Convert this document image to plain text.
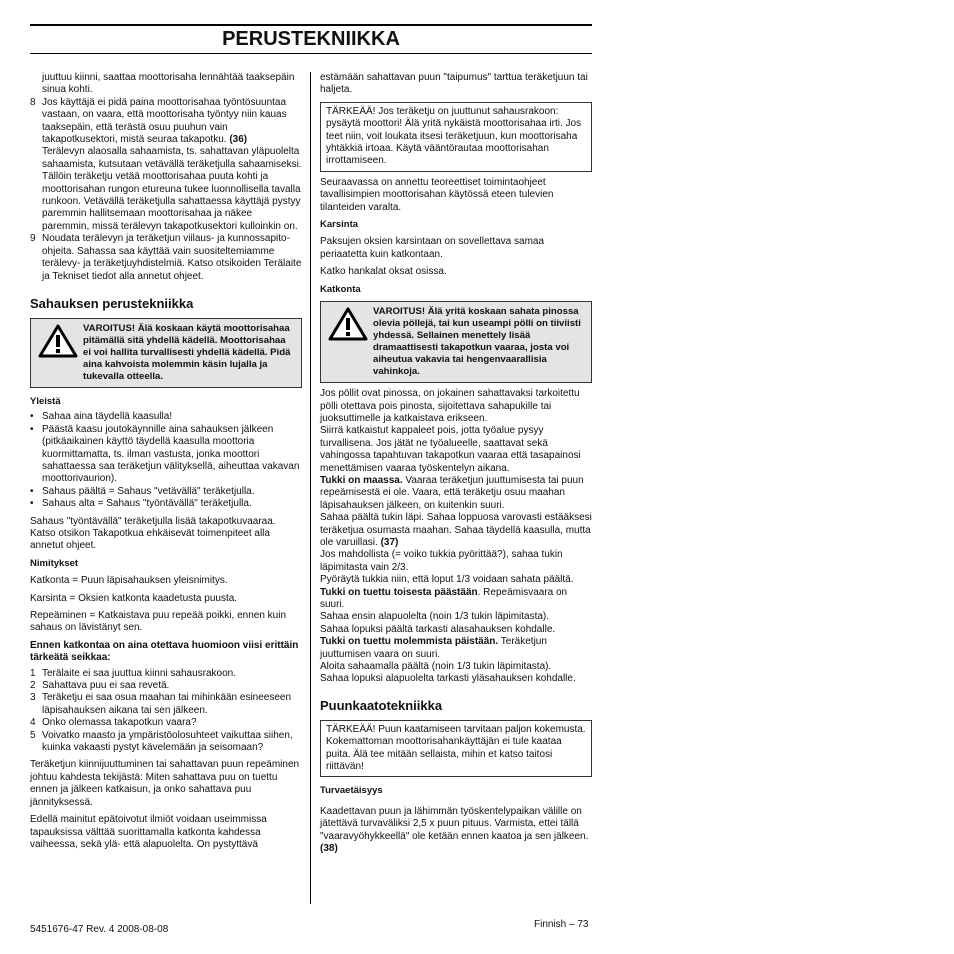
PERUSTEKNIIKKA

juuttuu kiinni, saattaa moottorisaha lennähtää taaksepäin sinua kohti.

8 Jos käyttäjä ei pidä paina moottorisahaa työntösuuntaa vastaan, on vaara, että moottorisaha työntyy niin kauas taaksepäin, että terästä osuu puuhun vain takapotkusektori, mistä seuraa takapotku. (36)

Terälevyn alaosalla sahaamista, ts. sahattavan yläpuolelta sahaamista, kutsutaan vetävällä teräketjulla sahaamiseksi. Tällöin teräketju vetää moottorisahaa puuta kohti ja moottorisahan rungon etureuna tukee luonnollisella tavalla runkoon. Vetävällä teräketjulla sahattaessa käyttäjä pystyy paremmin hallitsemaan moottorisahaa ja näkee paremmin, missä terälevyn takapotkusektori kulloinkin on.

9 Noudata terälevyn ja teräketjun viilaus- ja kunnossapito-ohjeita. Sahassa saa käyttää vain suositeltemiamme terälevy- ja teräketjuyhdistelmiä. Katso otsikoiden Terälaite ja Tekniset tiedot alla annetut ohjeet.
Sahauksen perustekniikka
VAROITUS! Älä koskaan käytä moottorisahaa pitämällä sitä yhdellä kädellä. Moottorisahaa ei voi hallita turvallisesti yhdellä kädellä. Pidä aina kahvoista molemmin käsin lujalla ja tukevalla otteella.

Yleistä

• Sahaa aina täydellä kaasulla!
• Päästä kaasu joutokäynnille aina sahauksen jälkeen (pitkäaikainen käyttö täydellä kaasulla moottoria kuormittamatta, ts. ilman vastusta, jonka moottori sahattaessa saa teräketjun välityksellä, aiheuttaa vakavan moottorivaurion).
• Sahaus päältä = Sahaus "vetävällä" teräketjulla.
• Sahaus alta = Sahaus "työntävällä" teräketjulla.

Sahaus "työntävällä" teräketjulla lisää takapotkuvaaraa. Katso otsikon Takapotkua ehkäisevät toimenpiteet alla annetut ohjeet.

Nimitykset

Katkonta = Puun läpisahauksen yleisnimitys.

Karsinta = Oksien katkonta kaadetusta puusta.

Repeäminen = Katkaistava puu repeää poikki, ennen kuin sahaus on lävistänyt sen.

Ennen katkontaa on aina otettava huomioon viisi erittäin tärkeätä seikkaa:

1 Terälaite ei saa juuttua kiinni sahausrakoon.
2 Sahattava puu ei saa revetä.
3 Teräketju ei saa osua maahan tai mihinkään esineeseen läpisahauksen aikana tai sen jälkeen.
4 Onko olemassa takapotkun vaara?
5 Voivatko maasto ja ympäristöolosuhteet vaikuttaa siihen, kuinka vakaasti pystyt kävelemään ja seisomaan?

Teräketjun kiinnijuuttuminen tai sahattavan puun repeäminen johtuu kahdesta tekijästä: Miten sahattava puu on tuettu ennen ja jälkeen katkaisun, ja onko sahattava puu jännityksessä.

Edellä mainitut epätoivotut ilmiöt voidaan useimmissa tapauksissa välttää suorittamalla katkonta kahdessa vaiheessa, sekä ylä- että alapuolelta. On pystyttävä

estämään sahattavan puun "taipumus" tarttua teräketjuun tai haljeta.

TÄRKEÄÄ! Jos teräketju on juuttunut sahausrakoon: pysäytä moottori! Älä yritä nykäistä moottorisahaa irti. Jos teet niin, voit loukata itsesi teräketjuun, kun moottorisaha yhtäkkiä irtoaa. Käytä vääntörautaa moottorisahan irrottamiseen.

Seuraavassa on annettu teoreettiset toimintaohjeet tavallisimpien moottorisahan käytössä eteen tulevien tilanteiden varalta.

Karsinta

Paksujen oksien karsintaan on sovellettava samaa periaatetta kuin katkontaan.

Katko hankalat oksat osissa.

Katkonta

VAROITUS! Älä yritä koskaan sahata pinossa olevia pöllejä, tai kun useampi pölli on tiiviisti yhdessä. Sellainen menettely lisää dramaattisesti takapotkun vaaraa, josta voi aiheutua vakavia tai hengenvaarallisia vahinkoja.

Jos pöllit ovat pinossa, on jokainen sahattavaksi tarkoitettu pölli otettava pois pinosta, sijoitettava sahapukille tai juoksuttimelle ja katkaistava erikseen.

Siirrä katkaistut kappaleet pois, jotta työalue pysyy turvallisena. Jos jätät ne työalueelle, saattavat sekä vahingossa tapahtuvan takapotkun vaaraa että tasapainosi menettämisen vaaraa työskentelyn aikana.

Tukki on maassa. Vaaraa teräketjun juuttumisesta tai puun repeämisestä ei ole. Vaara, että teräketju osuu maahan läpisahauksen jälkeen, on kuitenkin suuri.

Sahaa päältä tukin läpi. Sahaa loppuosa varovasti estääksesi teräketjua osumasta maahan. Sahaa täydellä kaasulla, mutta ole varuillasi. (37)

Jos mahdollista (= voiko tukkia pyörittää?), sahaa tukin läpimitasta vain 2/3.

Pyöräytä tukkia niin, että loput 1/3 voidaan sahata päältä.

Tukki on tuettu toisesta päästään. Repeämisvaara on suuri.

Sahaa ensin alapuolelta (noin 1/3 tukin läpimitasta).

Sahaa lopuksi päältä tarkasti alasahauksen kohdalle.

Tukki on tuettu molemmista päistään. Teräketjun juuttumisen vaara on suuri.

Aloita sahaamalla päältä (noin 1/3 tukin läpimitasta).

Sahaa lopuksi alapuolelta tarkasti yläsahauksen kohdalle.

Puunkaatotekniikka

TÄRKEÄÄ! Puun kaatamiseen tarvitaan paljon kokemusta. Kokemattoman moottorisahankäyttäjän ei tule kaataa puita. Älä tee mitään sellaista, mihin et katso taitosi riittävän!

Turvaetäisyys

Kaadettavan puun ja lähimmän työskentelypaikan välille on jätettävä turvaväliksi 2,5 x puun pituus. Varmista, ettei tällä "vaaravyöhykkeellä" ole ketään ennen kaatoa ja sen jälkeen. (38)

5451676-47 Rev. 4 2008-08-08	Finnish – 73
